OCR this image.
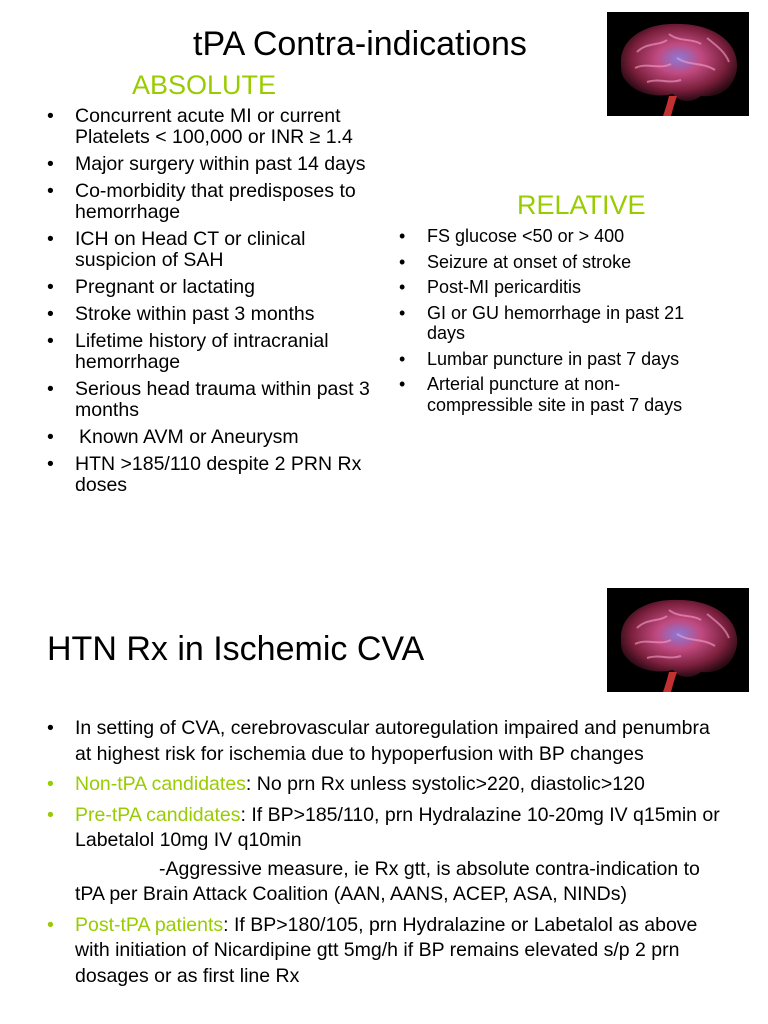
tPA Contra-indications
ABSOLUTE
• Concurrent acute MI or current Platelets < 100,000 or INR ≥ 1.4
• Major surgery within past 14 days
• Co-morbidity that predisposes to hemorrhage
• ICH on Head CT or clinical suspicion of SAH
• Pregnant or lactating
• Stroke within past 3 months
• Lifetime history of intracranial hemorrhage
• Serious head trauma within past 3 months
• Known AVM or Aneurysm
• HTN >185/110 despite 2 PRN Rx doses
RELATIVE
• FS glucose <50 or > 400
• Seizure at onset of stroke
• Post-MI pericarditis
• GI or GU hemorrhage in past 21 days
• Lumbar puncture in past 7 days
• Arterial puncture at non-compressible site in past 7 days
HTN Rx in Ischemic CVA
• In setting of CVA, cerebrovascular autoregulation impaired and penumbra at highest risk for ischemia due to hypoperfusion with BP changes
• Non-tPA candidates: No prn Rx unless systolic>220, diastolic>120
• Pre-tPA candidates: If BP>185/110, prn Hydralazine 10-20mg IV q15min or Labetalol 10mg IV q10min
-Aggressive measure, ie Rx gtt, is absolute contra-indication to tPA per Brain Attack Coalition (AAN, AANS, ACEP, ASA, NINDs)
• Post-tPA patients: If BP>180/105, prn Hydralazine or Labetalol as above with initiation of Nicardipine gtt 5mg/h if BP remains elevated s/p 2 prn dosages or as first line Rx
